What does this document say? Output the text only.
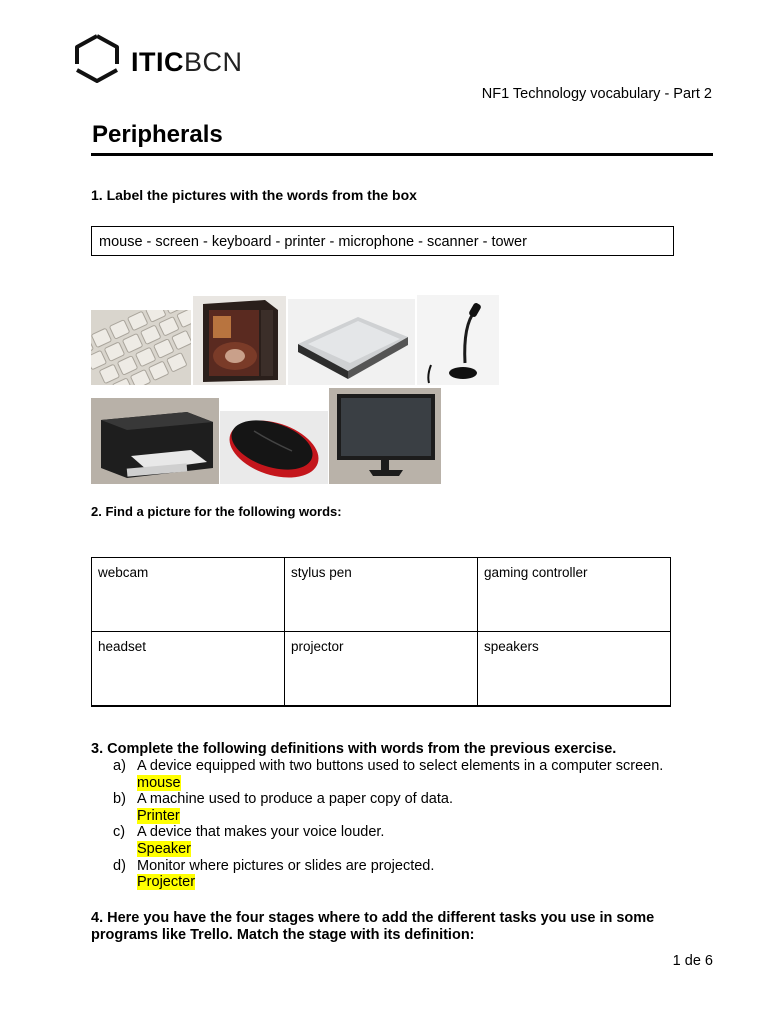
ITICBCN
NF1 Technology vocabulary - Part 2
Peripherals
1. Label the pictures with the words from the box
mouse - screen - keyboard - printer - microphone - scanner - tower
2. Find a picture for the following words:
webcam	stylus pen	gaming controller
headset	projector	speakers
3. Complete the following definitions with words from the previous exercise.
a) A device equipped with two buttons used to select elements in a computer screen.
mouse
b) A machine used to produce a paper copy of data.
Printer
c) A device that makes your voice louder.
Speaker
d) Monitor where pictures or slides are projected.
Projecter
4. Here you have the four stages where to add the different tasks you use in some programs like Trello. Match the stage with its definition:
1 de 6
